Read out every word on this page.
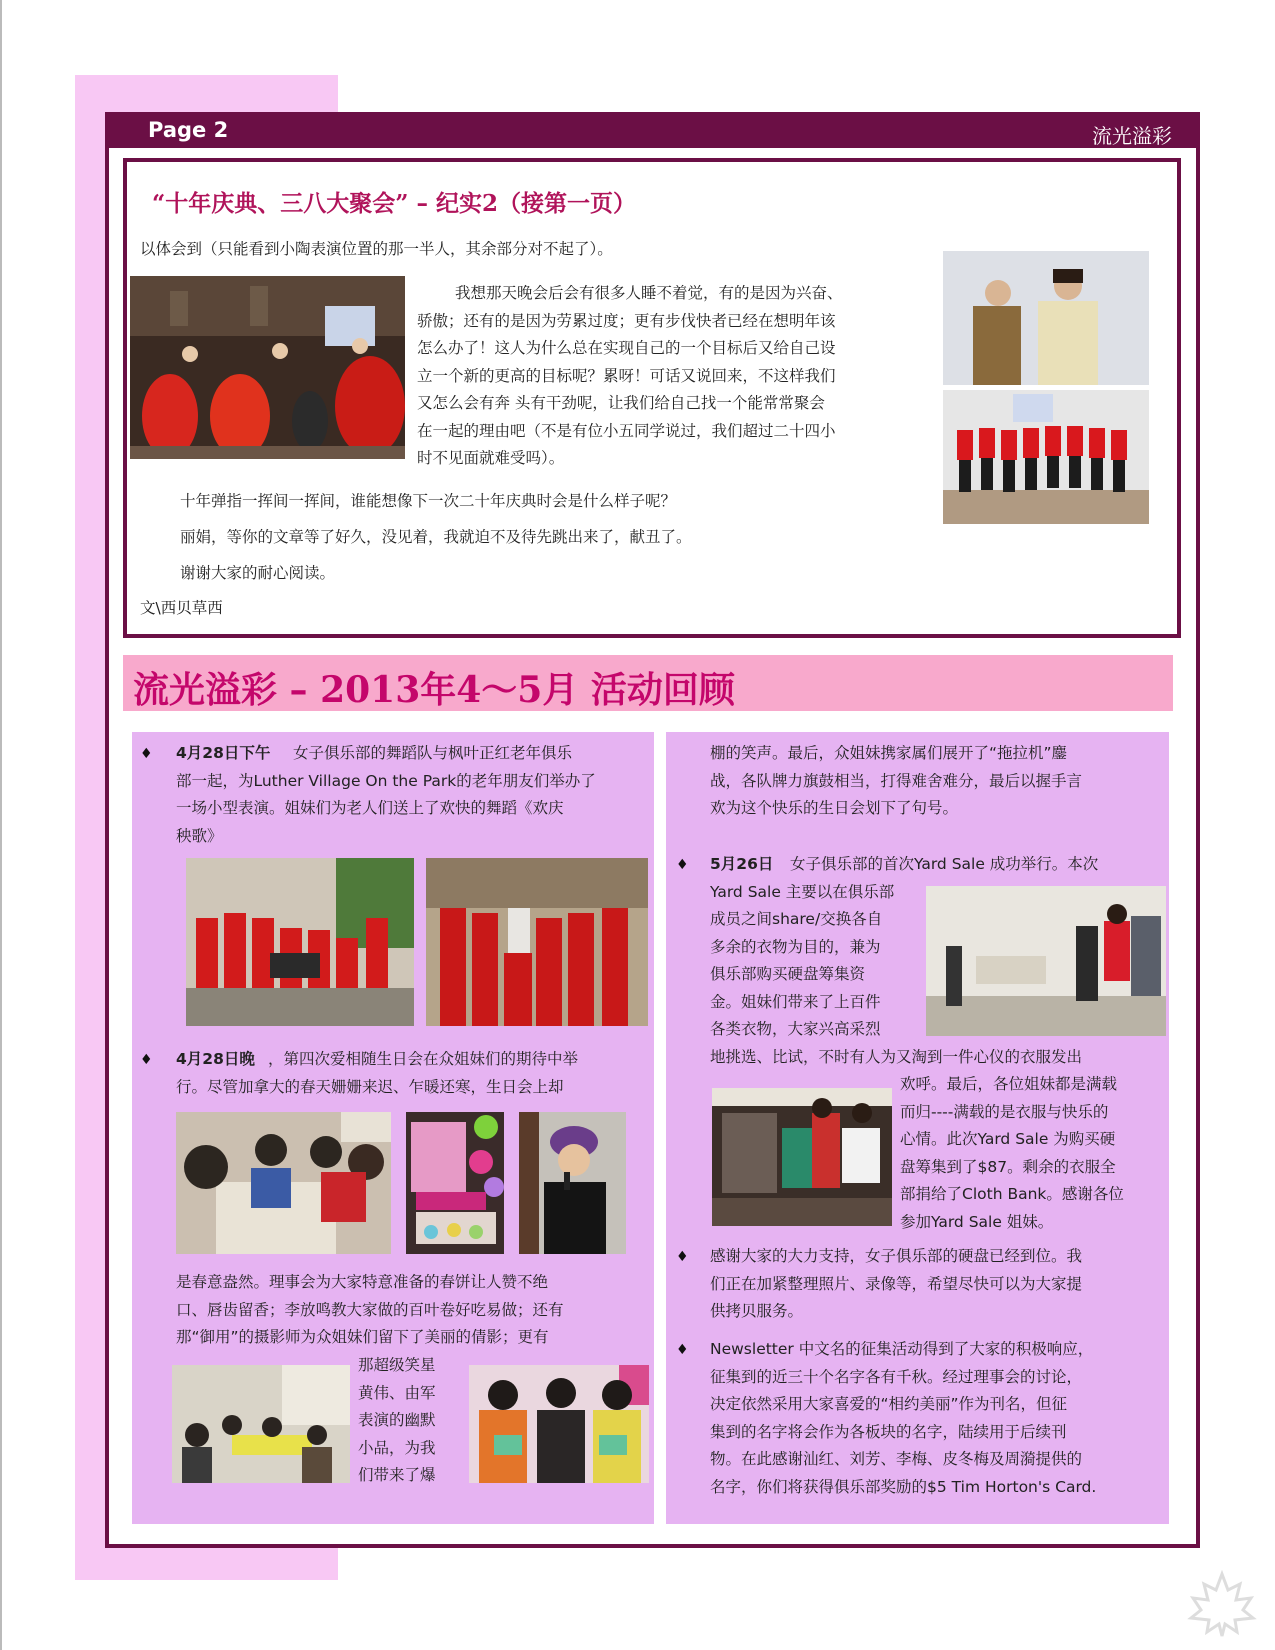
Page 2	流光溢彩
“十年庆典、三八大聚会” – 纪实2（接第一页）
以体会到（只能看到小陶表演位置的那一半人，其余部分对不起了）。
我想那天晚会后会有很多人睡不着觉，有的是因为兴奋、
骄傲；还有的是因为劳累过度；更有步伐快者已经在想明年该
怎么办了！这人为什么总在实现自己的一个目标后又给自己设
立一个新的更高的目标呢？累呀！可话又说回来，不这样我们
又怎么会有奔 头有干劲呢，让我们给自己找一个能常常聚会
在一起的理由吧（不是有位小五同学说过，我们超过二十四小
时不见面就难受吗）。
十年弹指一挥间一挥间，谁能想像下一次二十年庆典时会是什么样子呢？
丽娟，等你的文章等了好久，没见着，我就迫不及待先跳出来了，献丑了。
谢谢大家的耐心阅读。
文\西贝草西
流光溢彩 – 2013年4～5月 活动回顾
♦ 4月28日下午 女子俱乐部的舞蹈队与枫叶正红老年俱乐
部一起，为Luther Village On the Park的老年朋友们举办了
一场小型表演。姐妹们为老人们送上了欢快的舞蹈《欢庆
秧歌》
♦ 4月28日晚 ，第四次爱相随生日会在众姐妹们的期待中举
行。尽管加拿大的春天姗姗来迟、乍暖还寒，生日会上却
是春意盎然。理事会为大家特意准备的春饼让人赞不绝
口、唇齿留香；李放鸣教大家做的百叶卷好吃易做；还有
那“御用”的摄影师为众姐妹们留下了美丽的倩影；更有
那超级笑星
黄伟、由军
表演的幽默
小品，为我
们带来了爆
棚的笑声。最后，众姐妹携家属们展开了“拖拉机”鏖
战，各队牌力旗鼓相当，打得难舍难分，最后以握手言
欢为这个快乐的生日会划下了句号。
♦ 5月26日 女子俱乐部的首次Yard Sale 成功举行。本次
Yard Sale 主要以在俱乐部
成员之间share/交换各自
多余的衣物为目的，兼为
俱乐部购买硬盘筹集资
金。姐妹们带来了上百件
各类衣物，大家兴高采烈
地挑选、比试，不时有人为又淘到一件心仪的衣服发出
欢呼。最后，各位姐妹都是满载
而归----满载的是衣服与快乐的
心情。此次Yard Sale 为购买硬
盘筹集到了$87。剩余的衣服全
部捐给了Cloth Bank。感谢各位
参加Yard Sale 姐妹。
♦ 感谢大家的大力支持，女子俱乐部的硬盘已经到位。我
们正在加紧整理照片、录像等，希望尽快可以为大家提
供拷贝服务。
♦ Newsletter 中文名的征集活动得到了大家的积极响应，
征集到的近三十个名字各有千秋。经过理事会的讨论，
决定依然采用大家喜爱的“相约美丽”作为刊名，但征
集到的名字将会作为各板块的名字，陆续用于后续刊
物。在此感谢汕红、刘芳、李梅、皮冬梅及周漪提供的
名字，你们将获得俱乐部奖励的$5 Tim Horton's Card.
